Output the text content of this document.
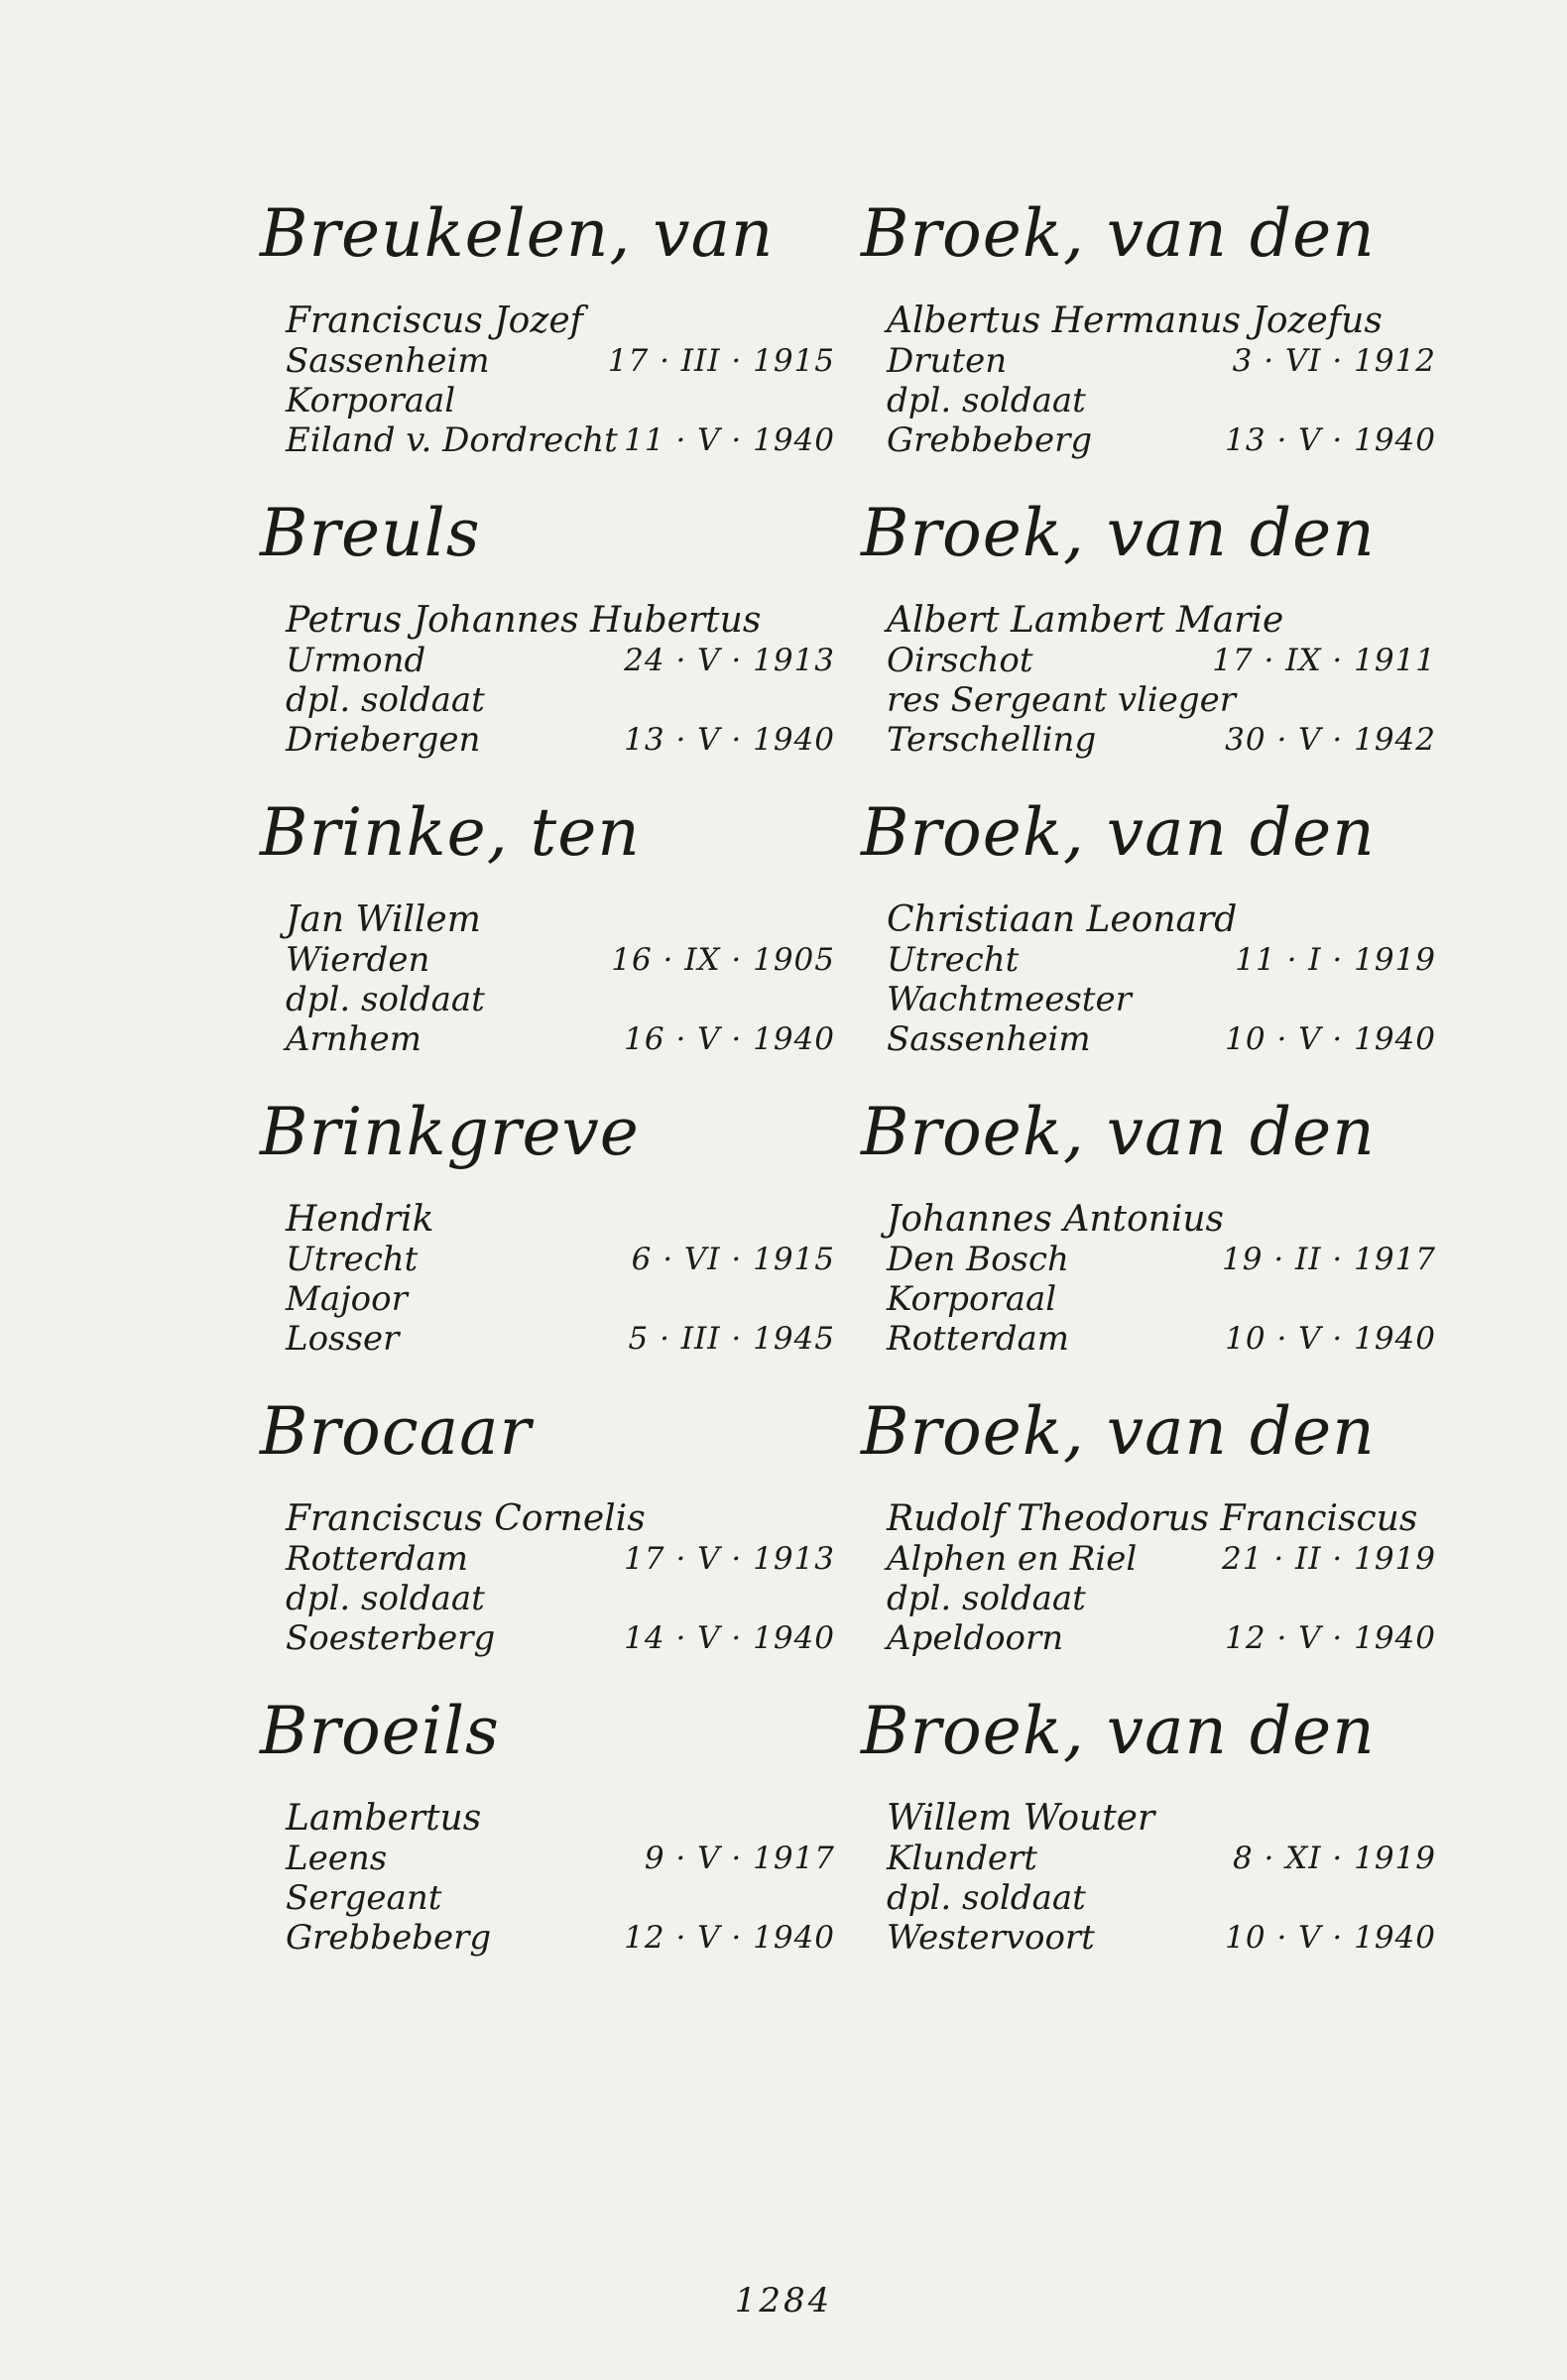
Breukelen, van
Franciscus Jozef
Sassenheim	17 · III · 1915
Korporaal
Eiland v. Dordrecht 11 · V · 1940
Breuls
Petrus Johannes Hubertus
Urmond	24 · V · 1913
dpl. soldaat
Driebergen	13 · V · 1940
Brinke, ten
Jan Willem
Wierden	16 · IX · 1905
dpl. soldaat
Arnhem	16 · V · 1940
Brinkgreve
Hendrik
Utrecht	6 · VI · 1915
Majoor
Losser	5 · III · 1945
Brocaar
Franciscus Cornelis
Rotterdam	17 · V · 1913
dpl. soldaat
Soesterberg	14 · V · 1940
Broeils
Lambertus
Leens	9 · V · 1917
Sergeant
Grebbeberg	12 · V · 1940
Broek, van den
Albertus Hermanus Jozefus
Druten	3 · VI · 1912
dpl. soldaat
Grebbeberg	13 · V · 1940
Broek, van den
Albert Lambert Marie
Oirschot	17 · IX · 1911
res Sergeant vlieger
Terschelling	30 · V · 1942
Broek, van den
Christiaan Leonard
Utrecht	11 · I · 1919
Wachtmeester
Sassenheim	10 · V · 1940
Broek, van den
Johannes Antonius
Den Bosch	19 · II · 1917
Korporaal
Rotterdam	10 · V · 1940
Broek, van den
Rudolf Theodorus Franciscus
Alphen en Riel	21 · II · 1919
dpl. soldaat
Apeldoorn	12 · V · 1940
Broek, van den
Willem Wouter
Klundert	8 · XI · 1919
dpl. soldaat
Westervoort	10 · V · 1940
1284
